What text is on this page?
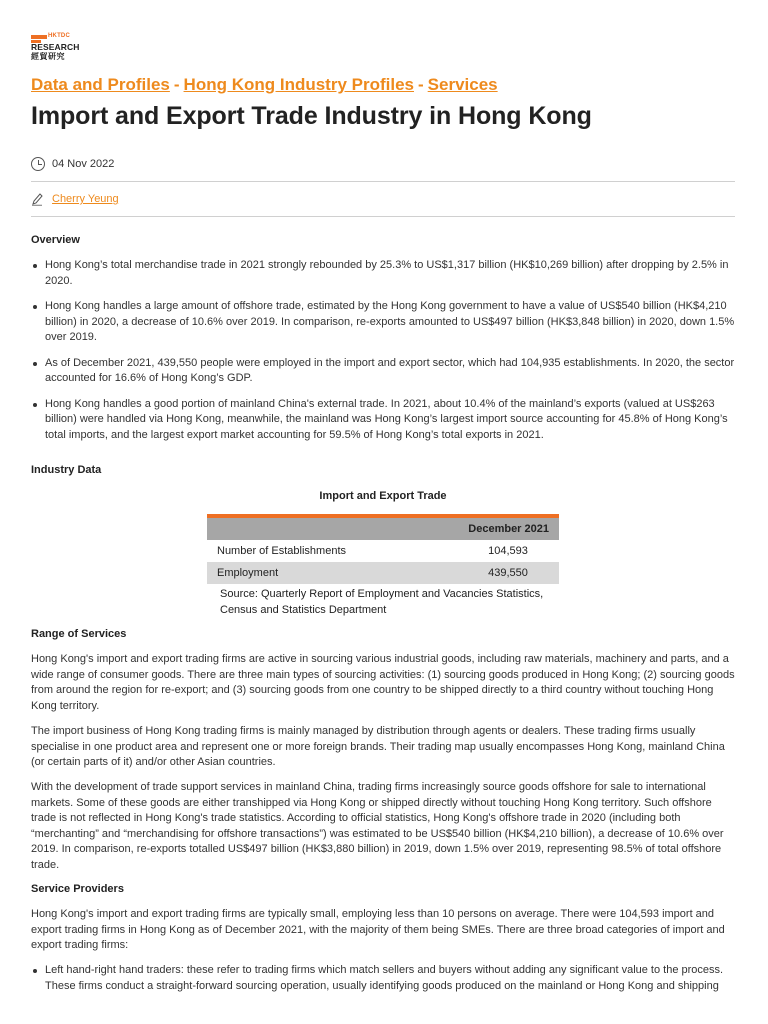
HKTDC
RESEARCH
經貿研究
Data and Profiles - Hong Kong Industry Profiles - Services
Import and Export Trade Industry in Hong Kong
04 Nov 2022
Cherry Yeung
Overview
Hong Kong’s total merchandise trade in 2021 strongly rebounded by 25.3% to US$1,317 billion (HK$10,269 billion) after dropping by 2.5% in 2020.
Hong Kong handles a large amount of offshore trade, estimated by the Hong Kong government to have a value of US$540 billion (HK$4,210 billion) in 2020, a decrease of 10.6% over 2019. In comparison, re-exports amounted to US$497 billion (HK$3,848 billion) in 2020, down 1.5% over 2019.
As of December 2021, 439,550 people were employed in the import and export sector, which had 104,935 establishments. In 2020, the sector accounted for 16.6% of Hong Kong’s GDP.
Hong Kong handles a good portion of mainland China's external trade. In 2021, about 10.4% of the mainland’s exports (valued at US$263 billion) were handled via Hong Kong, meanwhile, the mainland was Hong Kong’s largest import source accounting for 45.8% of Hong Kong’s total imports, and the largest export market accounting for 59.5% of Hong Kong’s total exports in 2021.
Industry Data
Import and Export Trade
December 2021
Number of Establishments	104,593
Employment	439,550
Source: Quarterly Report of Employment and Vacancies Statistics, Census and Statistics Department
Range of Services
Hong Kong's import and export trading firms are active in sourcing various industrial goods, including raw materials, machinery and parts, and a wide range of consumer goods. There are three main types of sourcing activities: (1) sourcing goods produced in Hong Kong; (2) sourcing goods from around the region for re-export; and (3) sourcing goods from one country to be shipped directly to a third country without touching Hong Kong territory.
The import business of Hong Kong trading firms is mainly managed by distribution through agents or dealers. These trading firms usually specialise in one product area and represent one or more foreign brands. Their trading map usually encompasses Hong Kong, mainland China (or certain parts of it) and/or other Asian countries.
With the development of trade support services in mainland China, trading firms increasingly source goods offshore for sale to international markets. Some of these goods are either transhipped via Hong Kong or shipped directly without touching Hong Kong territory. Such offshore trade is not reflected in Hong Kong's trade statistics. According to official statistics, Hong Kong's offshore trade in 2020 (including both “merchanting” and “merchandising for offshore transactions”) was estimated to be US$540 billion (HK$4,210 billion), a decrease of 10.6% over 2019. In comparison, re-exports totalled US$497 billion (HK$3,880 billion) in 2019, down 1.5% over 2019, representing 98.5% of total offshore trade.
Service Providers
Hong Kong's import and export trading firms are typically small, employing less than 10 persons on average. There were 104,593 import and export trading firms in Hong Kong as of December 2021, with the majority of them being SMEs. There are three broad categories of import and export trading firms:
Left hand-right hand traders: these refer to trading firms which match sellers and buyers without adding any significant value to the process. These firms conduct a straight-forward sourcing operation, usually identifying goods produced on the mainland or Hong Kong and shipping
